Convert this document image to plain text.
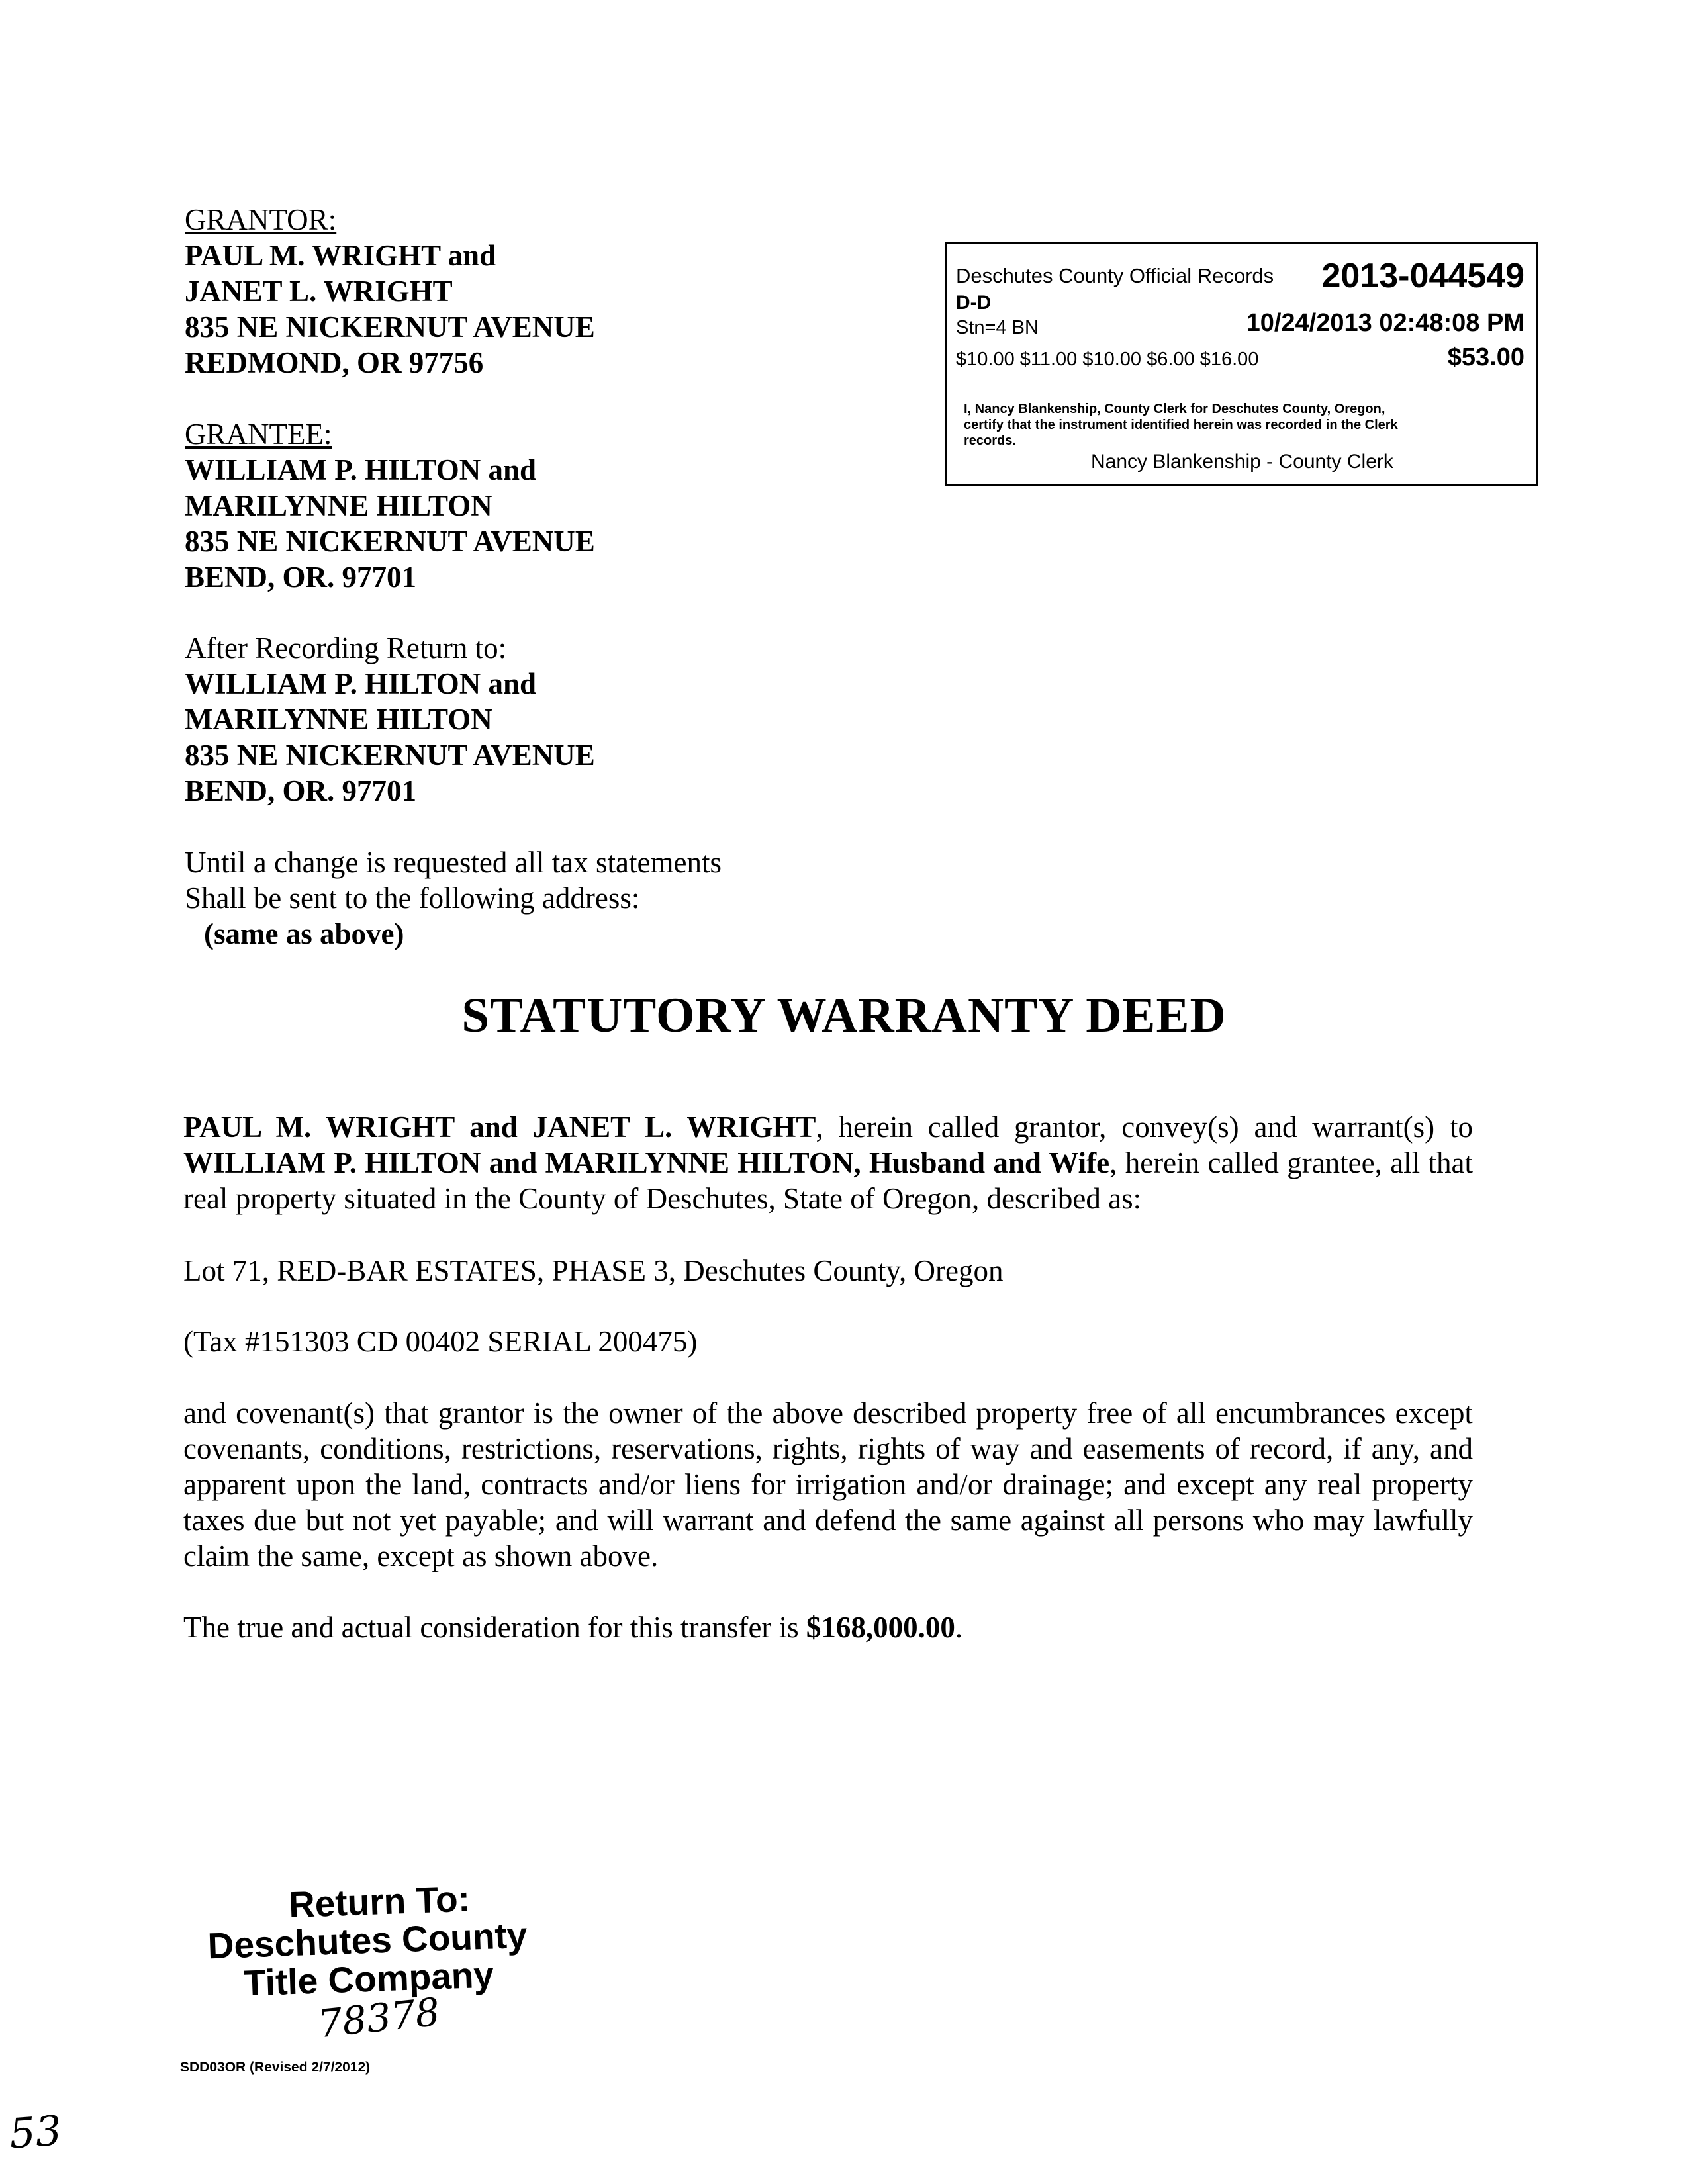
GRANTOR:
PAUL M. WRIGHT and
JANET L. WRIGHT
835 NE NICKERNUT AVENUE
REDMOND, OR 97756
GRANTEE:
WILLIAM P. HILTON and
MARILYNNE HILTON
835 NE NICKERNUT AVENUE
BEND, OR. 97701
After Recording Return to:
WILLIAM P. HILTON and
MARILYNNE HILTON
835 NE NICKERNUT AVENUE
BEND, OR. 97701
Until a change is requested all tax statements
Shall be sent to the following address:
(same as above)
Deschutes County Official Records 2013-044549
D-D
Stn=4 BN	10/24/2013 02:48:08 PM
$10.00 $11.00 $10.00 $6.00 $16.00	$53.00
I, Nancy Blankenship, County Clerk for Deschutes County, Oregon,
certify that the instrument identified herein was recorded in the Clerk
records.
Nancy Blankenship - County Clerk
STATUTORY WARRANTY DEED
PAUL M. WRIGHT and JANET L. WRIGHT, herein called grantor, convey(s) and warrant(s) to WILLIAM P. HILTON and MARILYNNE HILTON, Husband and Wife, herein called grantee, all that real property situated in the County of Deschutes, State of Oregon, described as:
Lot 71, RED-BAR ESTATES, PHASE 3, Deschutes County, Oregon
(Tax #151303 CD 00402 SERIAL 200475)
and covenant(s) that grantor is the owner of the above described property free of all encumbrances except covenants, conditions, restrictions, reservations, rights, rights of way and easements of record, if any, and apparent upon the land, contracts and/or liens for irrigation and/or drainage; and except any real property taxes due but not yet payable; and will warrant and defend the same against all persons who may lawfully claim the same, except as shown above.
The true and actual consideration for this transfer is $168,000.00.
Return To:
Deschutes County
Title Company
78378
SDD03OR (Revised 2/7/2012)
53
